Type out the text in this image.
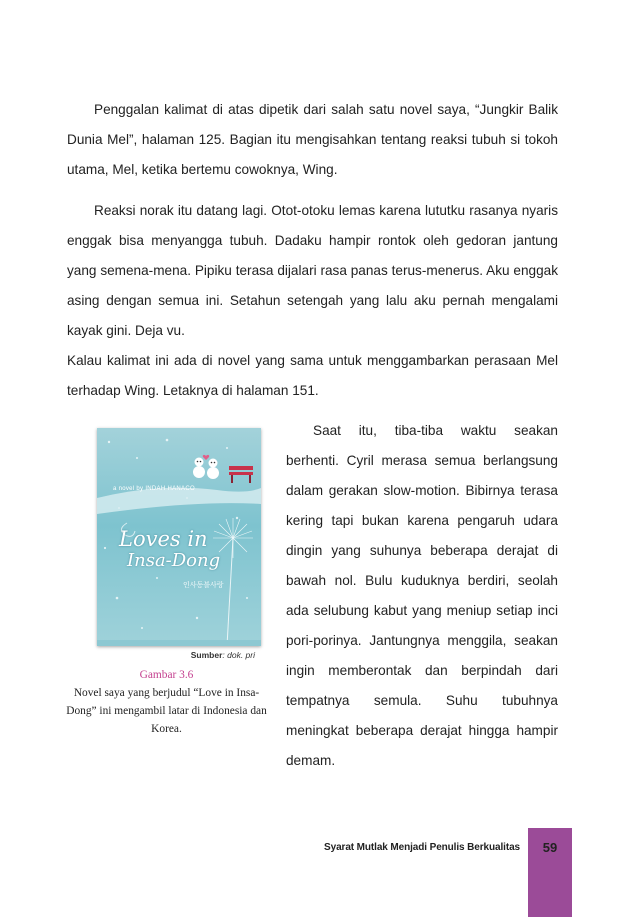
Penggalan kalimat di atas dipetik dari salah satu novel saya, “Jungkir Balik Dunia Mel”, halaman 125. Bagian itu mengisahkan tentang reaksi tubuh si tokoh utama, Mel, ketika bertemu cowoknya, Wing.

Reaksi norak itu datang lagi. Otot-otoku lemas karena lututku rasanya nyaris enggak bisa menyangga tubuh. Dadaku hampir rontok oleh gedoran jantung yang semena-mena. Pipiku terasa dijalari rasa panas terus-menerus. Aku enggak asing dengan semua ini. Setahun setengah yang lalu aku pernah mengalami kayak gini. Deja vu.

Kalau kalimat ini ada di novel yang sama untuk menggambarkan perasaan Mel terhadap Wing. Letaknya di halaman 151.

Saat itu, tiba-tiba waktu seakan berhenti. Cyril merasa semua berlangsung dalam gerakan slow-motion. Bibirnya terasa kering tapi bukan karena pengaruh udara dingin yang suhunya beberapa derajat di bawah nol. Bulu kuduknya berdiri, seolah ada selubung kabut yang meniup setiap inci pori-porinya. Jantungnya menggila, seakan ingin memberontak dan berpindah dari tempatnya semula. Suhu tubuhnya meningkat beberapa derajat hingga hampir demam.

a novel by INDAH HANACO
Loves in
Insa-Dong
인사동블사랑
Sumber: dok. pri
Gambar 3.6
Novel saya yang berjudul “Love in Insa-Dong” ini mengambil latar di Indonesia dan Korea.
Syarat Mutlak Menjadi Penulis Berkualitas	59
